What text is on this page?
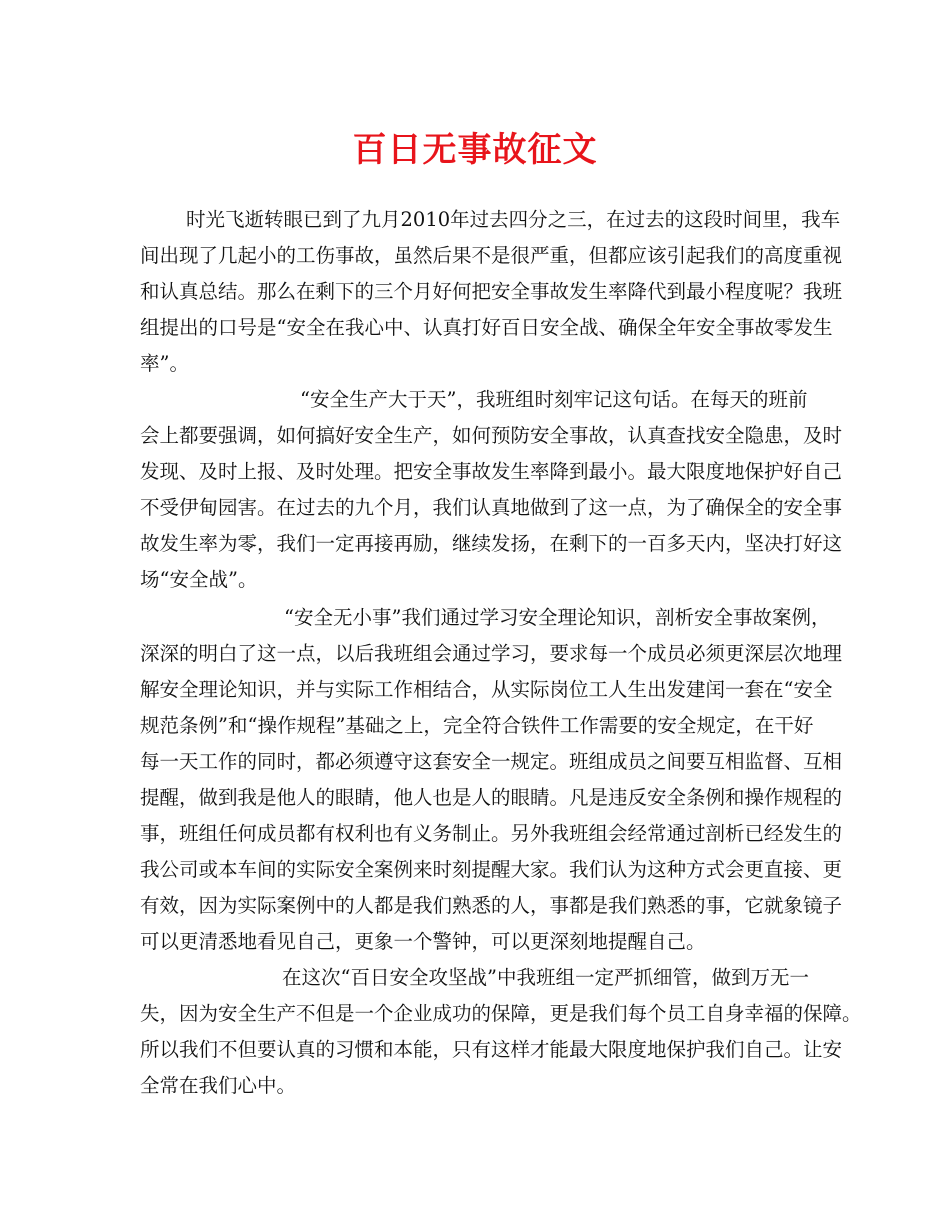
百日无事故征文

时光飞逝转眼已到了九月2010年过去四分之三，在过去的这段时间里，我车

间出现了几起小的工伤事故，虽然后果不是很严重，但都应该引起我们的高度重视

和认真总结。那么在剩下的三个月好何把安全事故发生率降代到最小程度呢？我班

组提出的口号是“安全在我心中、认真打好百日安全战、确保全年安全事故零发生

率”。

“安全生产大于天”，我班组时刻牢记这句话。在每天的班前

会上都要强调，如何搞好安全生产，如何预防安全事故，认真查找安全隐患，及时

发现、及时上报、及时处理。把安全事故发生率降到最小。最大限度地保护好自己

不受伊甸园害。在过去的九个月，我们认真地做到了这一点，为了确保全的安全事

故发生率为零，我们一定再接再励，继续发扬，在剩下的一百多天内，坚决打好这

场“安全战”。

“安全无小事”我们通过学习安全理论知识，剖析安全事故案例，

深深的明白了这一点，以后我班组会通过学习，要求每一个成员必须更深层次地理

解安全理论知识，并与实际工作相结合，从实际岗位工人生出发建闰一套在“安全

规范条例”和“操作规程”基础之上，完全符合铁件工作需要的安全规定，在干好

每一天工作的同时，都必须遵守这套安全一规定。班组成员之间要互相监督、互相

提醒，做到我是他人的眼睛，他人也是人的眼睛。凡是违反安全条例和操作规程的

事，班组任何成员都有权利也有义务制止。另外我班组会经常通过剖析已经发生的

我公司或本车间的实际安全案例来时刻提醒大家。我们认为这种方式会更直接、更

有效，因为实际案例中的人都是我们熟悉的人，事都是我们熟悉的事，它就象镜子

可以更清悉地看见自己，更象一个警钟，可以更深刻地提醒自己。

在这次“百日安全攻坚战”中我班组一定严抓细管，做到万无一

失，因为安全生产不但是一个企业成功的保障，更是我们每个员工自身幸福的保障。

所以我们不但要认真的习惯和本能，只有这样才能最大限度地保护我们自己。让安

全常在我们心中。
